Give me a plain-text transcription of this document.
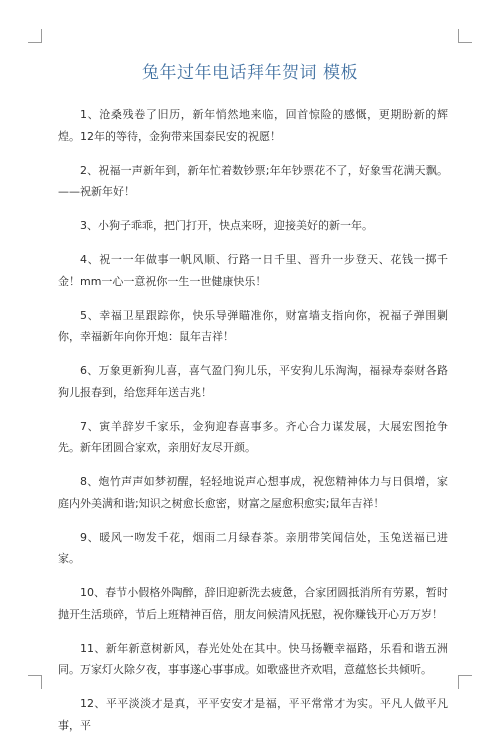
兔年过年电话拜年贺词 模板

1、沧桑残卷了旧历，新年悄然地来临，回首惊险的感慨，更期盼新的辉煌。12年的等待，金狗带来国泰民安的祝愿！

2、祝福一声新年到，新年忙着数钞票;年年钞票花不了，好象雪花满天飘。——祝新年好！

3、小狗子乖乖，把门打开，快点来呀，迎接美好的新一年。

4、祝一一年做事一帆风顺、行路一日千里、晋升一步登天、花钱一掷千金！mm一心一意祝你一生一世健康快乐！

5、幸福卫星跟踪你，快乐导弹瞄准你，财富墙支指向你，祝福子弹围剿你，幸福新年向你开炮：鼠年吉祥！

6、万象更新狗儿喜，喜气盈门狗儿乐，平安狗儿乐淘淘，福禄寿泰财各路狗儿报春到，给您拜年送吉兆！

7、寅羊辞岁千家乐，金狗迎春喜事多。齐心合力谋发展，大展宏图抢争先。新年团圆合家欢，亲朋好友尽开颜。

8、炮竹声声如梦初醒，轻轻地说声心想事成，祝您精神体力与日俱增，家庭内外美满和谐;知识之树愈长愈密，财富之屋愈积愈实;鼠年吉祥！

9、暖风一吻发千花，烟雨二月绿春茶。亲朋带笑闻信处，玉兔送福已进家。

10、春节小假格外陶醉，辞旧迎新洗去疲惫，合家团圆抵消所有劳累，暂时抛开生活琐碎，节后上班精神百倍，朋友问候清风抚慰，祝你赚钱开心万万岁！

11、新年新意树新风，春光处处在其中。快马扬鞭幸福路，乐看和谐五洲同。万家灯火除夕夜，事事遂心事事成。如歌盛世齐欢唱，意蕴悠长共倾听。

12、平平淡淡才是真，平平安安才是福，平平常常才为实。平凡人做平凡事，平
